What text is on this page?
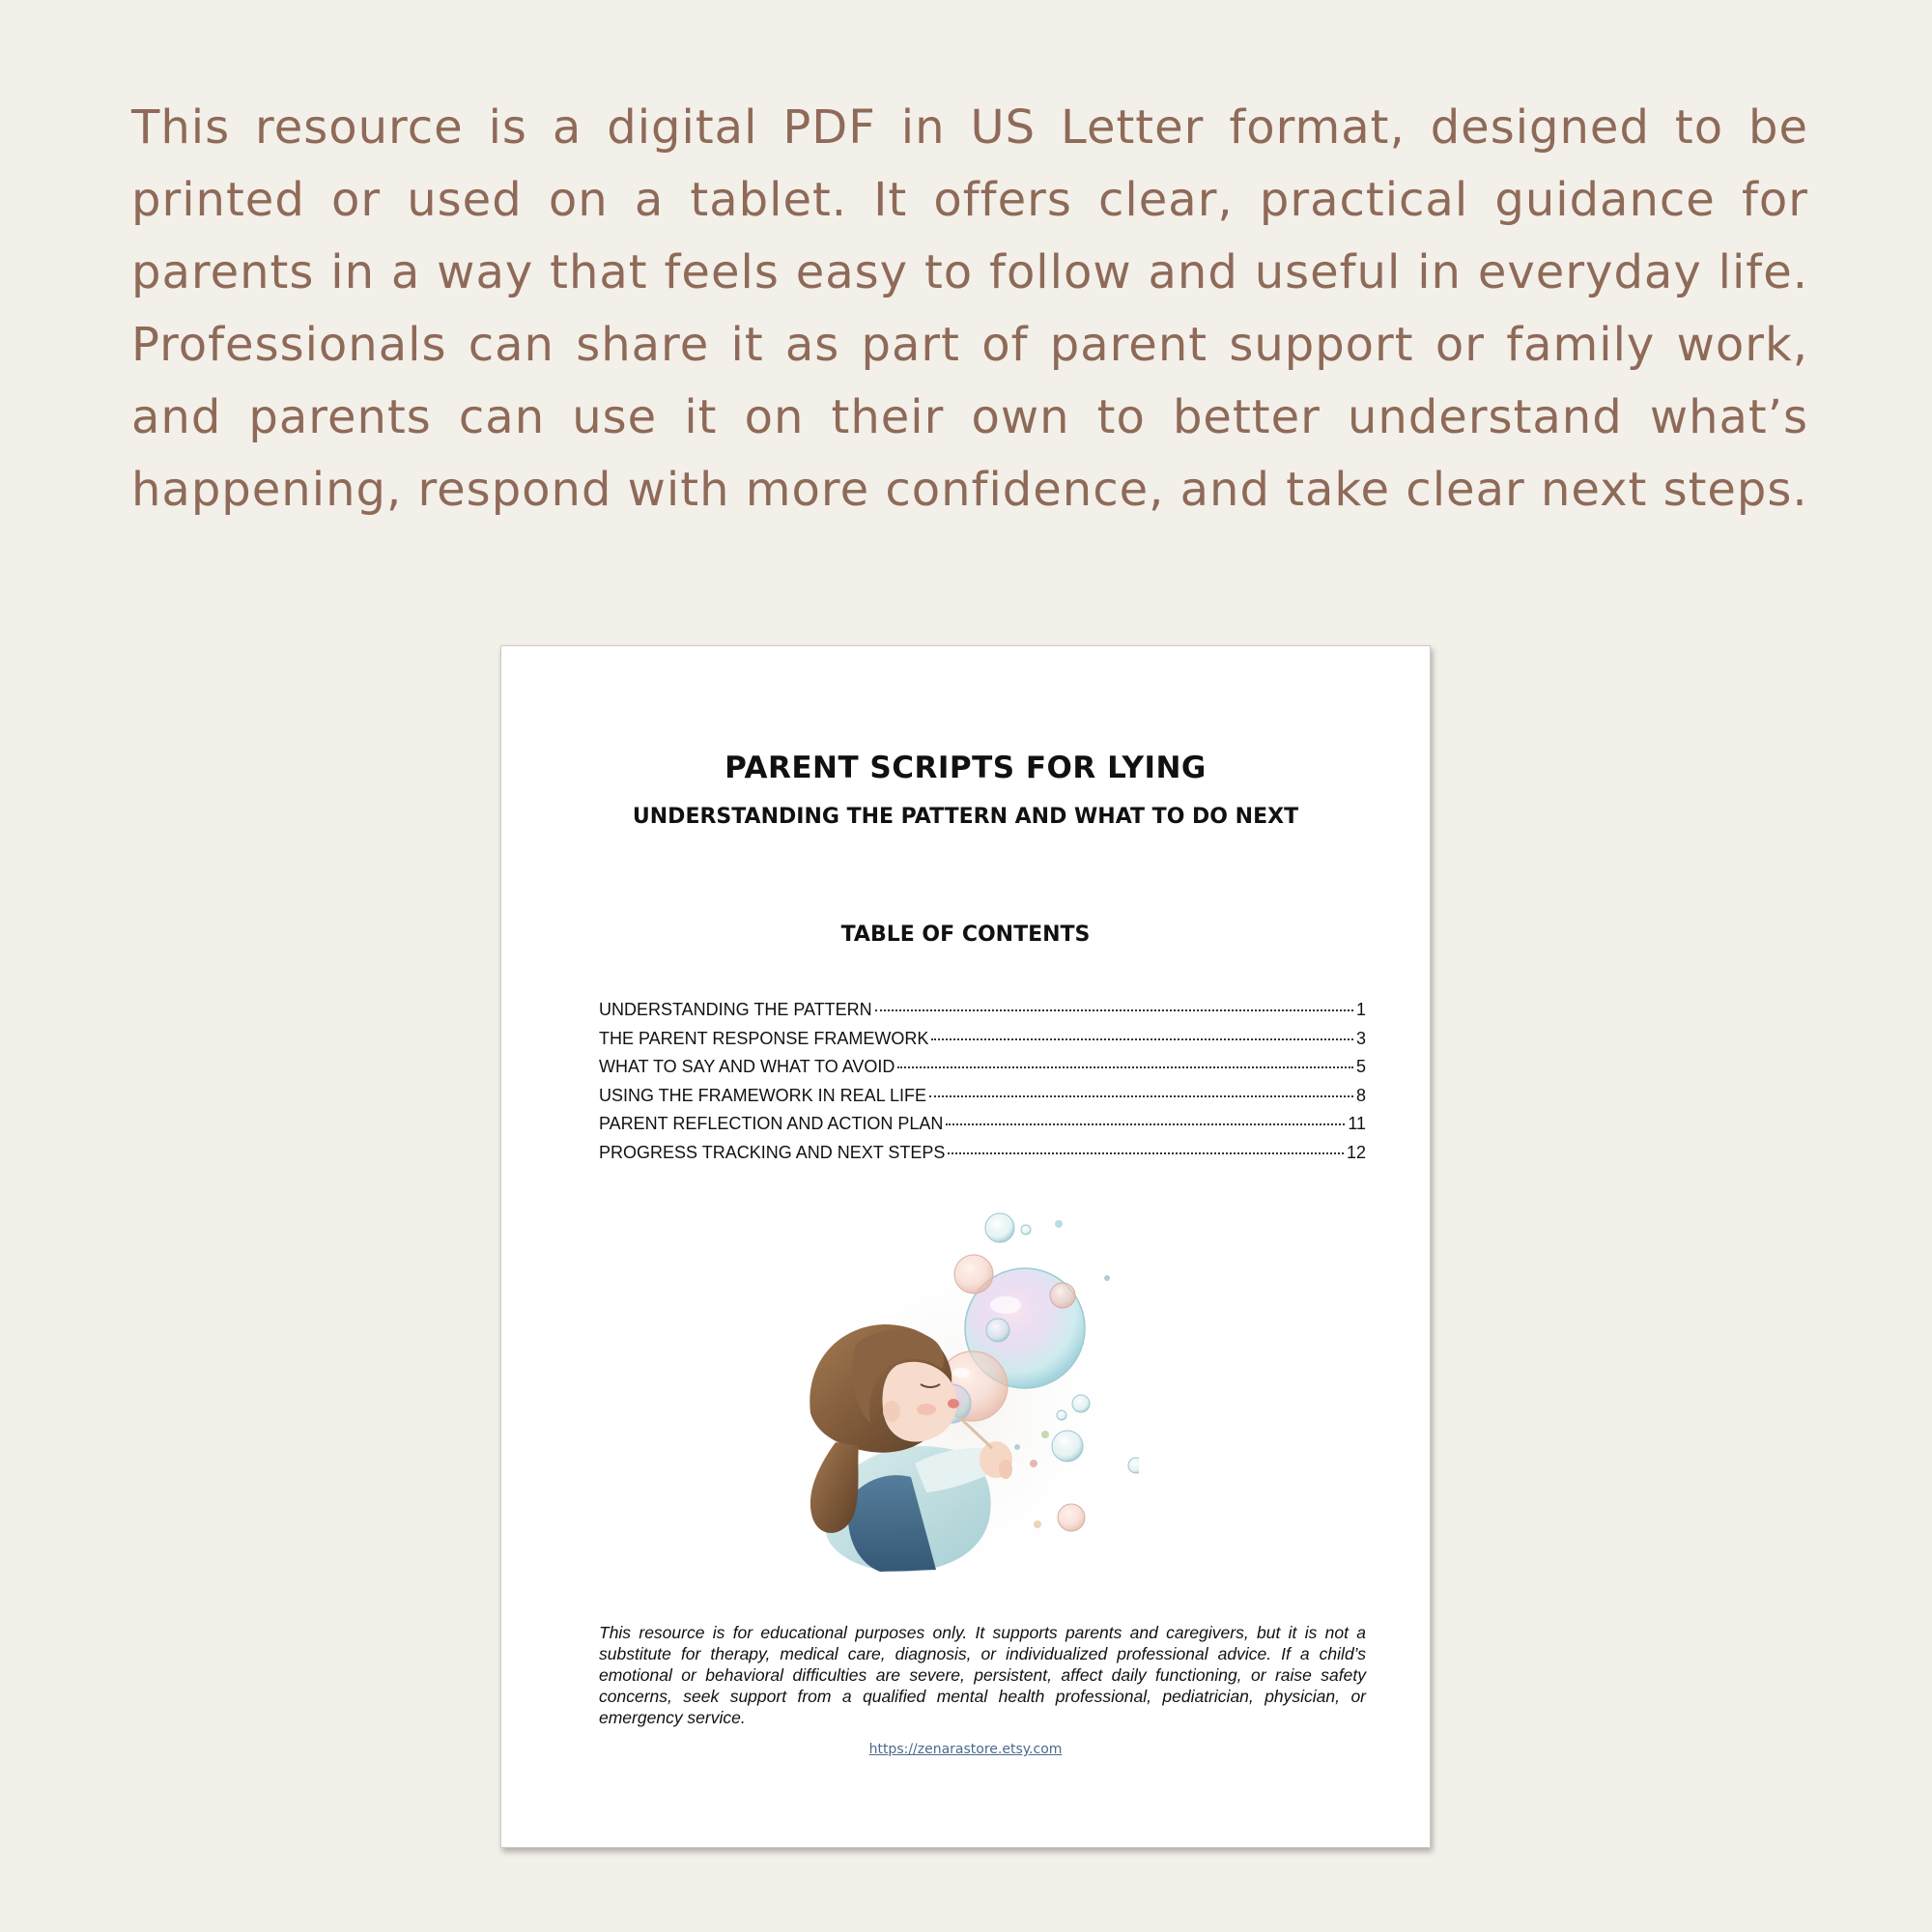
This resource is a digital PDF in US Letter format, designed to be printed or used on a tablet. It offers clear, practical guidance for parents in a way that feels easy to follow and useful in everyday life. Professionals can share it as part of parent support or family work, and parents can use it on their own to better understand what’s happening, respond with more confidence, and take clear next steps.

PARENT SCRIPTS FOR LYING
UNDERSTANDING THE PATTERN AND WHAT TO DO NEXT
TABLE OF CONTENTS
UNDERSTANDING THE PATTERN	1
THE PARENT RESPONSE FRAMEWORK	3
WHAT TO SAY AND WHAT TO AVOID	5
USING THE FRAMEWORK IN REAL LIFE	8
PARENT REFLECTION AND ACTION PLAN	11
PROGRESS TRACKING AND NEXT STEPS	12

This resource is for educational purposes only. It supports parents and caregivers, but it is not a substitute for therapy, medical care, diagnosis, or individualized professional advice. If a child’s emotional or behavioral difficulties are severe, persistent, affect daily functioning, or raise safety concerns, seek support from a qualified mental health professional, pediatrician, physician, or emergency service.

https://zenarastore.etsy.com
